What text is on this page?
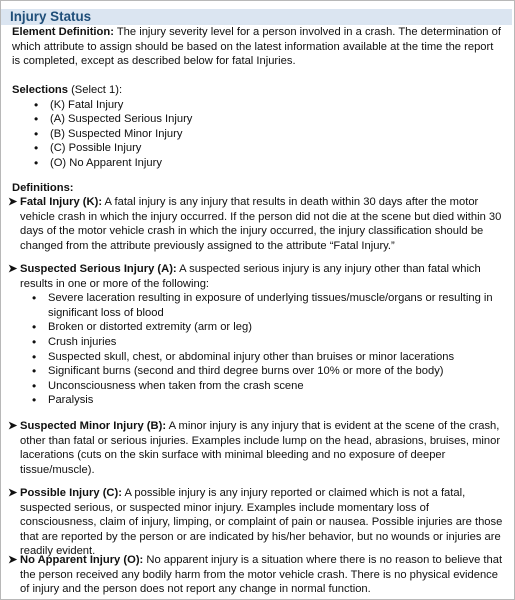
Injury Status

Element Definition: The injury severity level for a person involved in a crash. The determination of which attribute to assign should be based on the latest information available at the time the report is completed, except as described below for fatal Injuries.

Selections (Select 1):

• (K) Fatal Injury
• (A) Suspected Serious Injury
• (B) Suspected Minor Injury
• (C) Possible Injury
• (O) No Apparent Injury
Definitions:
➤ Fatal Injury (K): A fatal injury is any injury that results in death within 30 days after the motor vehicle crash in which the injury occurred. If the person did not die at the scene but died within 30 days of the motor vehicle crash in which the injury occurred, the injury classification should be changed from the attribute previously assigned to the attribute “Fatal Injury.”

➤ Suspected Serious Injury (A): A suspected serious injury is any injury other than fatal which results in one or more of the following:

• Severe laceration resulting in exposure of underlying tissues/muscle/organs or resulting in significant loss of blood
• Broken or distorted extremity (arm or leg)
• Crush injuries
• Suspected skull, chest, or abdominal injury other than bruises or minor lacerations
• Significant burns (second and third degree burns over 10% or more of the body)
• Unconsciousness when taken from the crash scene
• Paralysis
➤ Suspected Minor Injury (B): A minor injury is any injury that is evident at the scene of the crash, other than fatal or serious injuries. Examples include lump on the head, abrasions, bruises, minor lacerations (cuts on the skin surface with minimal bleeding and no exposure of deeper tissue/muscle).

➤ Possible Injury (C): A possible injury is any injury reported or claimed which is not a fatal, suspected serious, or suspected minor injury. Examples include momentary loss of consciousness, claim of injury, limping, or complaint of pain or nausea. Possible injuries are those that are reported by the person or are indicated by his/her behavior, but no wounds or injuries are readily evident.

➤ No Apparent Injury (O): No apparent injury is a situation where there is no reason to believe that the person received any bodily harm from the motor vehicle crash. There is no physical evidence of injury and the person does not report any change in normal function.
